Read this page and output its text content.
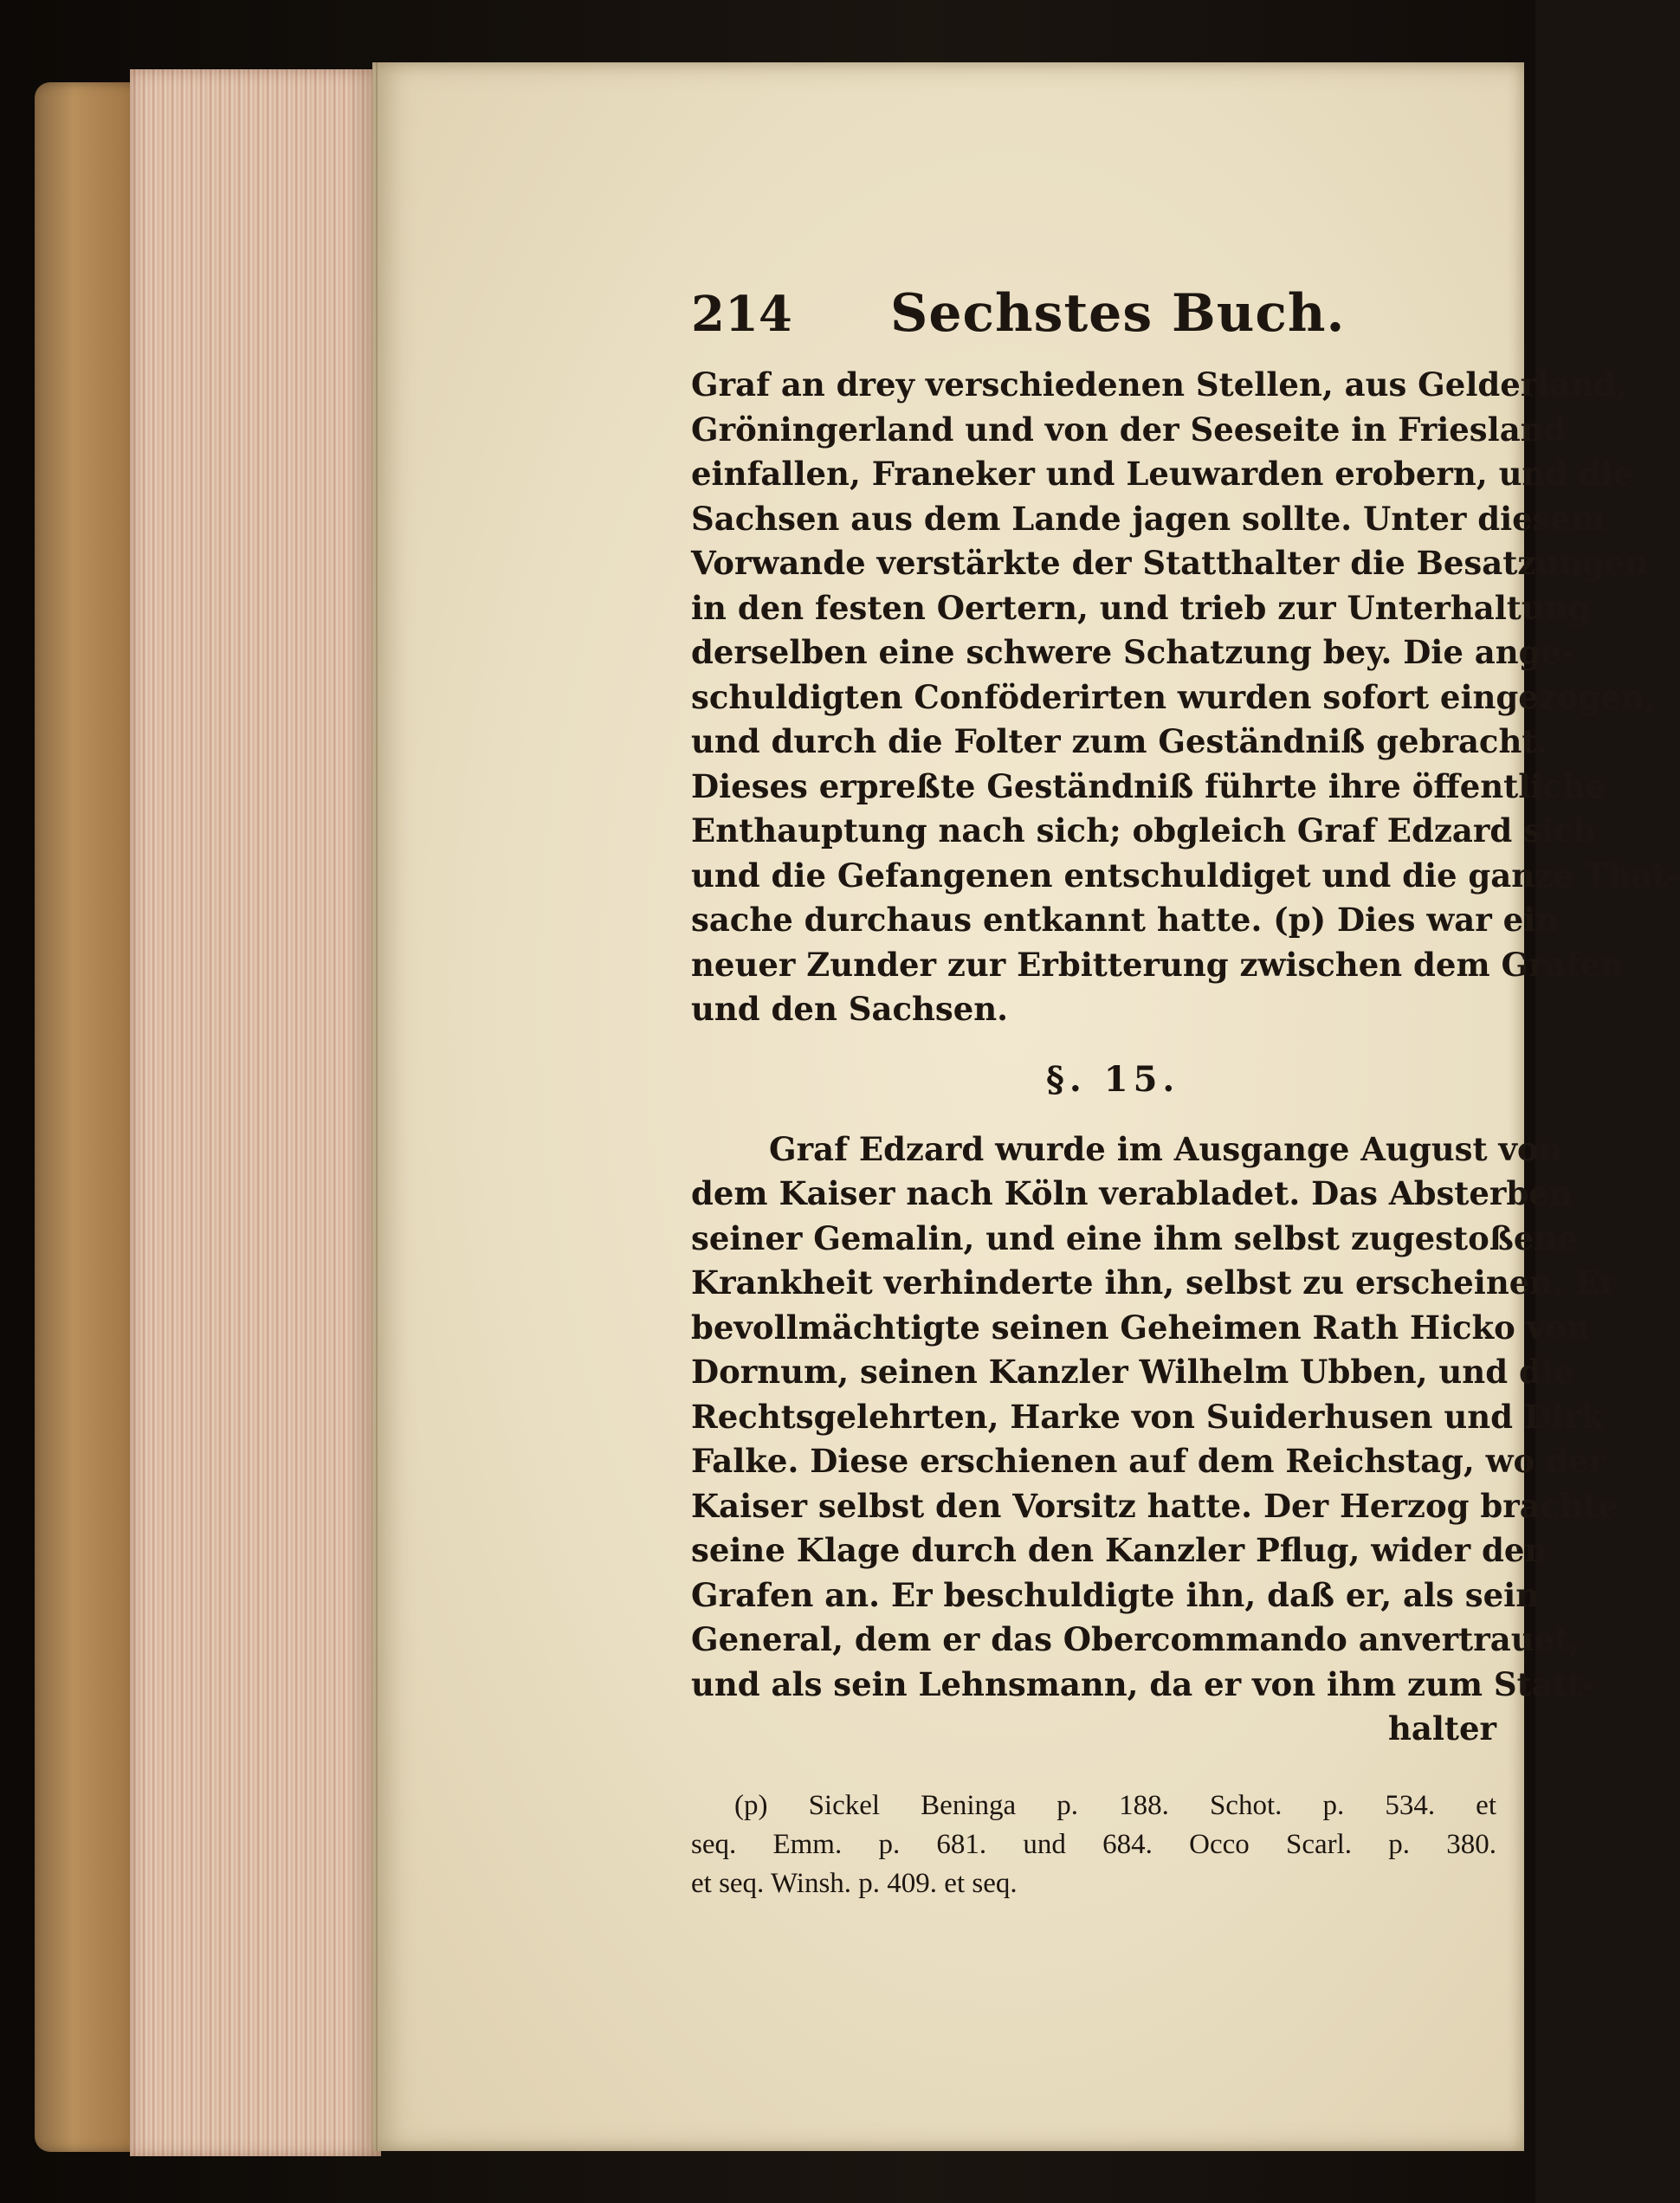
214	Sechstes Buch.
Graf an drey verschiedenen Stellen, aus Gelderland,
Gröningerland und von der Seeseite in Friesland
einfallen, Franeker und Leuwarden erobern, und die
Sachsen aus dem Lande jagen sollte. Unter diesem
Vorwande verstärkte der Statthalter die Besatzungen
in den festen Oertern, und trieb zur Unterhaltung
derselben eine schwere Schatzung bey. Die ange-
schuldigten Conföderirten wurden sofort eingezogen,
und durch die Folter zum Geständniß gebracht.
Dieses erpreßte Geständniß führte ihre öffentliche
Enthauptung nach sich; obgleich Graf Edzard sich
und die Gefangenen entschuldiget und die ganze That-
sache durchaus entkannt hatte. (p) Dies war ein
neuer Zunder zur Erbitterung zwischen dem Grafen
und den Sachsen.
§. 15.
Graf Edzard wurde im Ausgange August von
dem Kaiser nach Köln verabladet. Das Absterben
seiner Gemalin, und eine ihm selbst zugestoßene
Krankheit verhinderte ihn, selbst zu erscheinen. Er
bevollmächtigte seinen Geheimen Rath Hicko von
Dornum, seinen Kanzler Wilhelm Ubben, und die
Rechtsgelehrten, Harke von Suiderhusen und Dirk
Falke. Diese erschienen auf dem Reichstag, wo der
Kaiser selbst den Vorsitz hatte. Der Herzog brachte
seine Klage durch den Kanzler Pflug, wider den
Grafen an. Er beschuldigte ihn, daß er, als sein
General, dem er das Obercommando anvertrauet,
und als sein Lehnsmann, da er von ihm zum Statt-
halter
(p) Sickel Beninga p. 188. Schot. p. 534. et
seq. Emm. p. 681. und 684. Occo Scarl. p. 380.
et seq. Winsh. p. 409. et seq.
